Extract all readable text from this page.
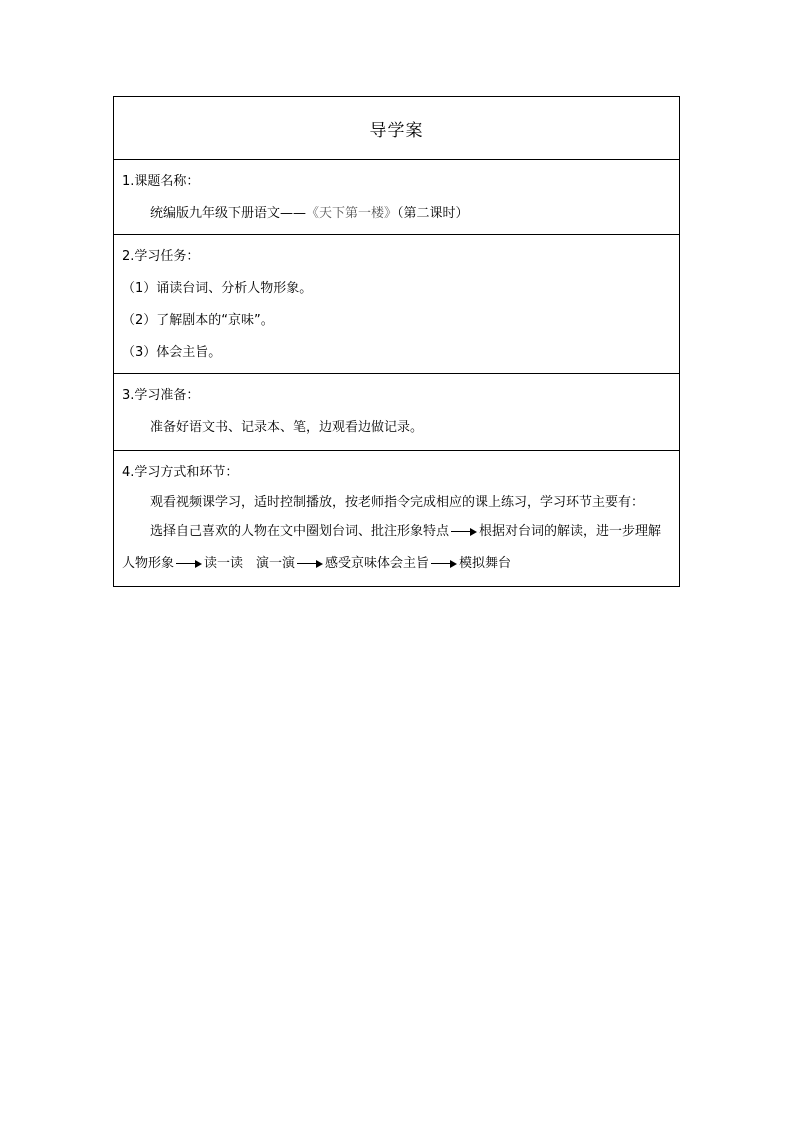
导学案
1.课题名称：
统编版九年级下册语文——《天下第一楼》（第二课时）
2.学习任务：
（1）诵读台词、分析人物形象。
（2）了解剧本的“京味”。
（3）体会主旨。
3.学习准备：
准备好语文书、记录本、笔，边观看边做记录。
4.学习方式和环节：
观看视频课学习，适时控制播放，按老师指令完成相应的课上练习，学习环节主要有：
选择自己喜欢的人物在文中圈划台词、批注形象特点 根据对台词的解读，进一步理解人物形象 读一读　演一演 感受京味体会主旨 模拟舞台
